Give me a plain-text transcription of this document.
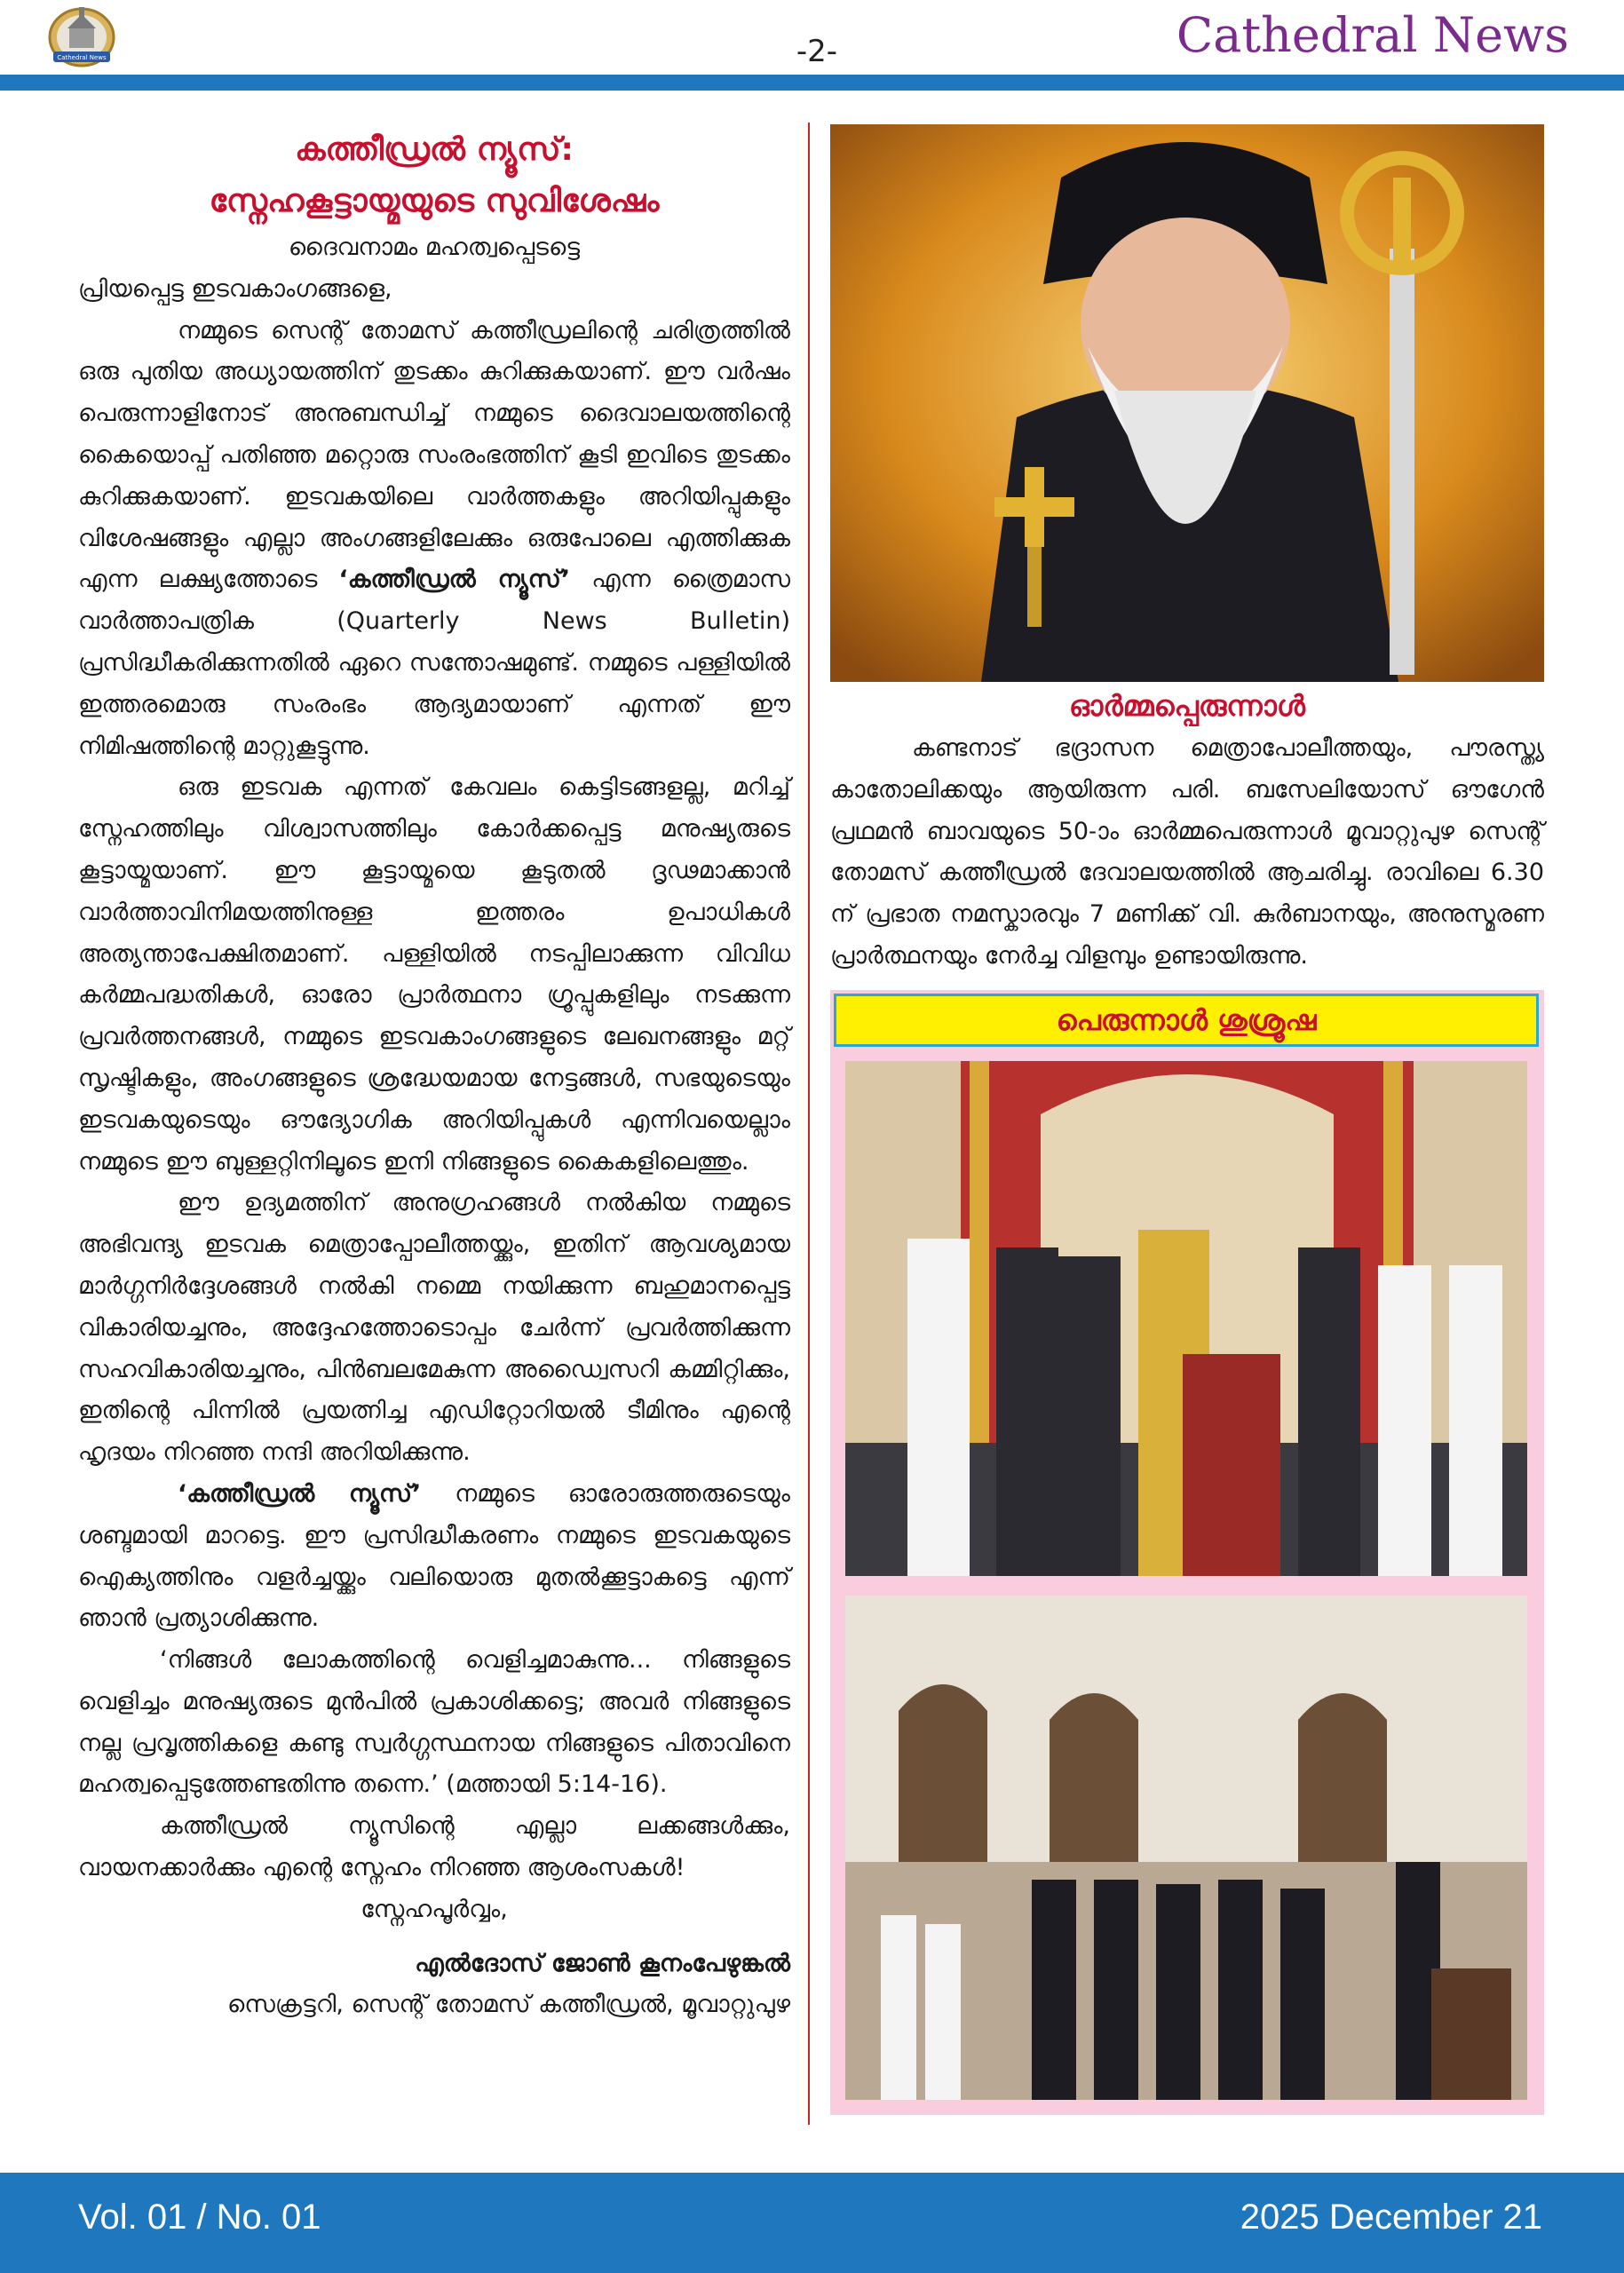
Cathedral News	-2-	Cathedral News
കത്തീഡ്രൽ ന്യൂസ്:
സ്നേഹകൂട്ടായ്മയുടെ സുവിശേഷം

ദൈവനാമം മഹത്വപ്പെടട്ടെ

പ്രിയപ്പെട്ട ഇടവകാംഗങ്ങളെ,

നമ്മുടെ സെന്റ് തോമസ് കത്തീഡ്രലിന്റെ ചരിത്രത്തിൽ ഒരു പുതിയ അധ്യായത്തിന് തുടക്കം കുറിക്കുകയാണ്. ഈ വർഷം പെരുന്നാളിനോട് അനുബന്ധിച്ച് നമ്മുടെ ദൈവാലയത്തിന്റെ കൈയൊപ്പ് പതിഞ്ഞ മറ്റൊരു സംരംഭത്തിന് കൂടി ഇവിടെ തുടക്കം കുറിക്കുകയാണ്. ഇടവകയിലെ വാർത്തകളും അറിയിപ്പുകളും വിശേഷങ്ങളും എല്ലാ അംഗങ്ങളിലേക്കും ഒരുപോലെ എത്തിക്കുക എന്ന ലക്ഷ്യത്തോടെ ‘കത്തീഡ്രൽ ന്യൂസ്’ എന്ന ത്രൈമാസ വാർത്താപത്രിക (Quarterly News Bulletin) പ്രസിദ്ധീകരിക്കുന്നതിൽ ഏറെ സന്തോഷമുണ്ട്. നമ്മുടെ പള്ളിയിൽ ഇത്തരമൊരു സംരംഭം ആദ്യമായാണ് എന്നത് ഈ നിമിഷത്തിന്റെ മാറ്റുകൂട്ടുന്നു.

ഒരു ഇടവക എന്നത് കേവലം കെട്ടിടങ്ങളല്ല, മറിച്ച് സ്നേഹത്തിലും വിശ്വാസത്തിലും കോർക്കപ്പെട്ട മനുഷ്യരുടെ കൂട്ടായ്മയാണ്. ഈ കൂട്ടായ്മയെ കൂടുതൽ ദൃഢമാക്കാൻ വാർത്താവിനിമയത്തിനുള്ള ഇത്തരം ഉപാധികൾ അത്യന്താപേക്ഷിതമാണ്. പള്ളിയിൽ നടപ്പിലാക്കുന്ന വിവിധ കർമ്മപദ്ധതികൾ, ഓരോ പ്രാർത്ഥനാ ഗ്രൂപ്പുകളിലും നടക്കുന്ന പ്രവർത്തനങ്ങൾ, നമ്മുടെ ഇടവകാംഗങ്ങളുടെ ലേഖനങ്ങളും മറ്റ് സൃഷ്ടികളും, അംഗങ്ങളുടെ ശ്രദ്ധേയമായ നേട്ടങ്ങൾ, സഭയുടെയും ഇടവകയുടെയും ഔദ്യോഗിക അറിയിപ്പുകൾ എന്നിവയെല്ലാം നമ്മുടെ ഈ ബുള്ളറ്റിനിലൂടെ ഇനി നിങ്ങളുടെ കൈകളിലെത്തും.

ഈ ഉദ്യമത്തിന് അനുഗ്രഹങ്ങൾ നൽകിയ നമ്മുടെ അഭിവന്ദ്യ ഇടവക മെത്രാപ്പോലീത്തയ്ക്കും, ഇതിന് ആവശ്യമായ മാർഗ്ഗനിർദ്ദേശങ്ങൾ നൽകി നമ്മെ നയിക്കുന്ന ബഹുമാനപ്പെട്ട വികാരിയച്ചനും, അദ്ദേഹത്തോടൊപ്പം ചേർന്ന് പ്രവർത്തിക്കുന്ന സഹവികാരിയച്ചനും, പിൻബലമേകുന്ന അഡ്വൈസറി കമ്മിറ്റിക്കും, ഇതിന്റെ പിന്നിൽ പ്രയത്നിച്ച എഡിറ്റോറിയൽ ടീമിനും എന്റെ ഹൃദയം നിറഞ്ഞ നന്ദി അറിയിക്കുന്നു.

‘കത്തീഡ്രൽ ന്യൂസ്’ നമ്മുടെ ഓരോരുത്തരുടെയും ശബ്ദമായി മാറട്ടെ. ഈ പ്രസിദ്ധീകരണം നമ്മുടെ ഇടവകയുടെ ഐക്യത്തിനും വളർച്ചയ്ക്കും വലിയൊരു മുതൽക്കൂട്ടാകട്ടെ എന്ന് ഞാൻ പ്രത്യാശിക്കുന്നു.

‘നിങ്ങൾ ലോകത്തിന്റെ വെളിച്ചമാകുന്നു... നിങ്ങളുടെ വെളിച്ചം മനുഷ്യരുടെ മുൻപിൽ പ്രകാശിക്കട്ടെ; അവർ നിങ്ങളുടെ നല്ല പ്രവൃത്തികളെ കണ്ടു സ്വർഗ്ഗസ്ഥനായ നിങ്ങളുടെ പിതാവിനെ മഹത്വപ്പെടുത്തേണ്ടതിന്നു തന്നെ.’ (മത്തായി 5:14-16).

കത്തീഡ്രൽ ന്യൂസിന്റെ എല്ലാ ലക്കങ്ങൾക്കും, വായനക്കാർക്കും എന്റെ സ്നേഹം നിറഞ്ഞ ആശംസകൾ!

സ്നേഹപൂർവ്വം,

എൽദോസ് ജോൺ കൂനംപേഴുങ്കൽ

സെക്രട്ടറി, സെന്റ് തോമസ് കത്തീഡ്രൽ, മൂവാറ്റുപുഴ

ഓർമ്മപ്പെരുന്നാൾ

കണ്ടനാട് ഭദ്രാസന മെത്രാപോലീത്തയും, പൗരസ്ത്യ കാതോലിക്കയും ആയിരുന്ന പരി. ബസേലിയോസ് ഔഗേൻ പ്രഥമൻ ബാവയുടെ 50-ാം ഓർമ്മപെരുന്നാൾ മൂവാറ്റുപുഴ സെന്റ് തോമസ് കത്തീഡ്രൽ ദേവാലയത്തിൽ ആചരിച്ചു. രാവിലെ 6.30 ന് പ്രഭാത നമസ്കാരവും 7 മണിക്ക് വി. കുർബാനയും, അനുസ്മരണ പ്രാർത്ഥനയും നേർച്ച വിളമ്പും ഉണ്ടായിരുന്നു.

പെരുന്നാൾ ശുശ്രൂഷ
Vol. 01 / No. 01	2025 December 21
